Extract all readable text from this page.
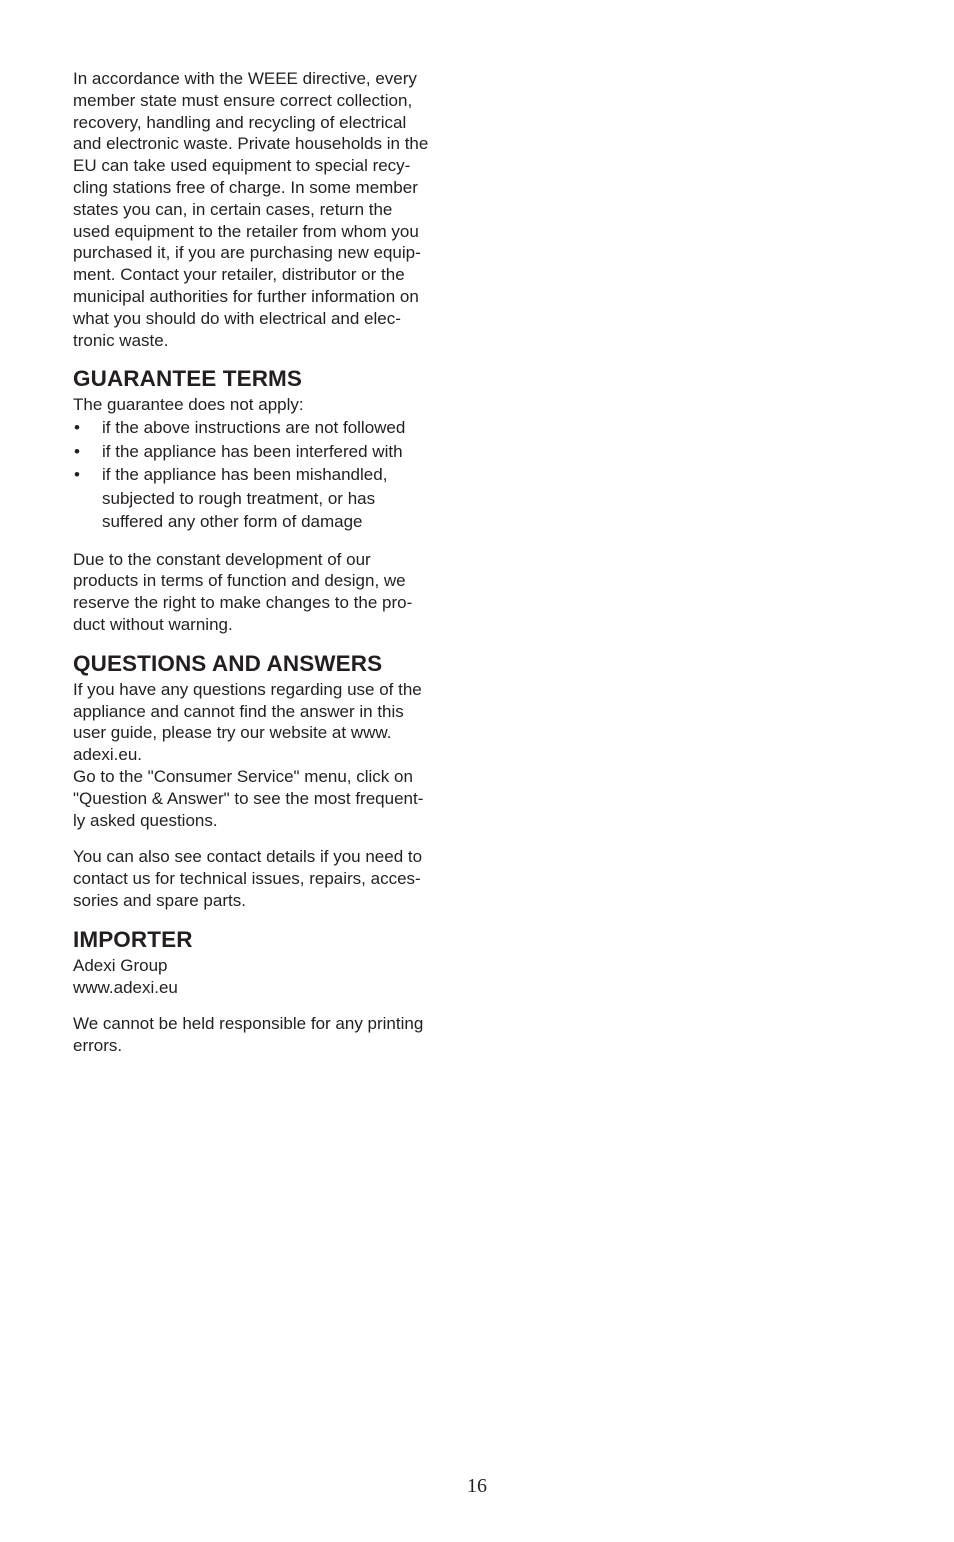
In accordance with the WEEE directive, every
member state must ensure correct collection,
recovery, handling and recycling of electrical
and electronic waste. Private households in the
EU can take used equipment to special recy-
cling stations free of charge. In some member
states you can, in certain cases, return the
used equipment to the retailer from whom you
purchased it, if you are purchasing new equip-
ment. Contact your retailer, distributor or the
municipal authorities for further information on
what you should do with electrical and elec-
tronic waste.

GUARANTEE TERMS

The guarantee does not apply:

• if the above instructions are not followed
• if the appliance has been interfered with
• if the appliance has been mishandled,
subjected to rough treatment, or has
suffered any other form of damage

Due to the constant development of our
products in terms of function and design, we
reserve the right to make changes to the pro-
duct without warning.

QUESTIONS AND ANSWERS

If you have any questions regarding use of the
appliance and cannot find the answer in this
user guide, please try our website at www.
adexi.eu.
Go to the "Consumer Service" menu, click on
"Question & Answer" to see the most frequent-
ly asked questions.

You can also see contact details if you need to
contact us for technical issues, repairs, acces-
sories and spare parts.

IMPORTER

Adexi Group
www.adexi.eu

We cannot be held responsible for any printing
errors.

16
